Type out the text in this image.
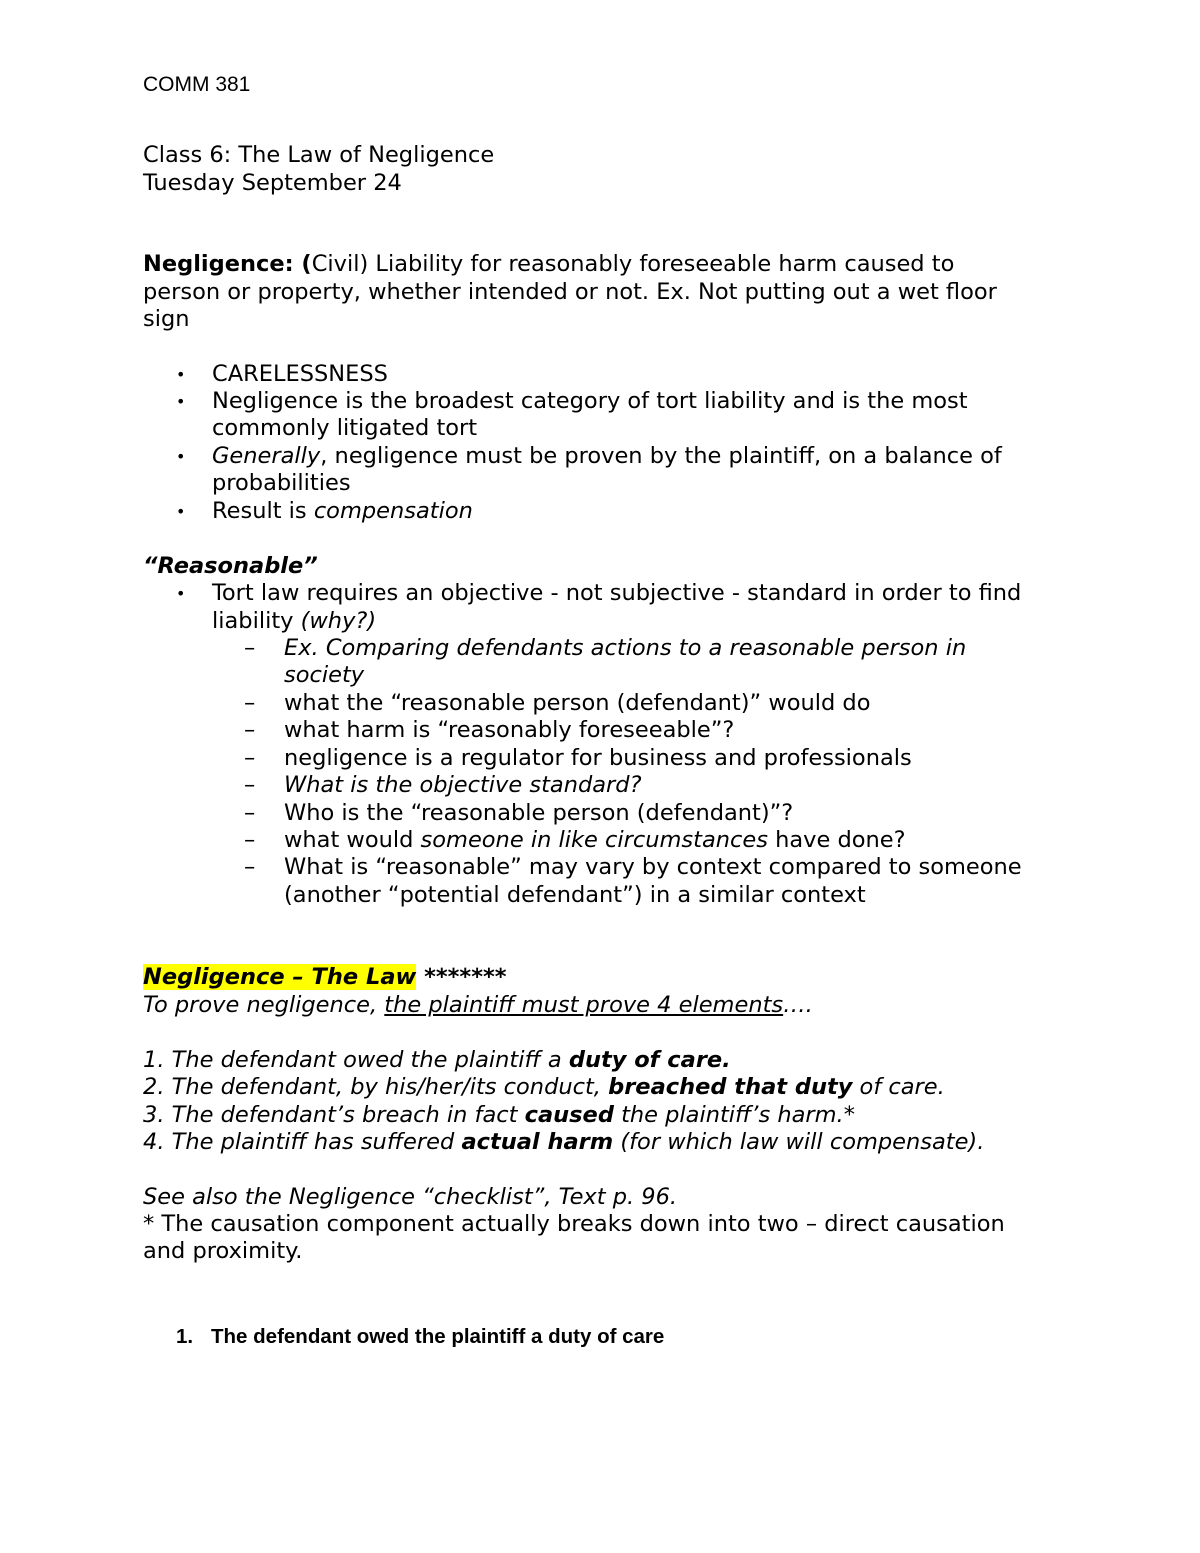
COMM 381
Class 6: The Law of Negligence
Tuesday September 24
Negligence: (Civil) Liability for reasonably foreseeable harm caused to
person or property, whether intended or not. Ex. Not putting out a wet floor
sign
• CARELESSNESS
• Negligence is the broadest category of tort liability and is the most
commonly litigated tort
• Generally, negligence must be proven by the plaintiff, on a balance of
probabilities
• Result is compensation
“Reasonable”
• Tort law requires an objective - not subjective - standard in order to find
liability (why?)
– Ex. Comparing defendants actions to a reasonable person in
society
– what the “reasonable person (defendant)” would do
– what harm is “reasonably foreseeable”?
– negligence is a regulator for business and professionals
– What is the objective standard?
– Who is the “reasonable person (defendant)”?
– what would someone in like circumstances have done?
– What is “reasonable” may vary by context compared to someone
(another “potential defendant”) in a similar context
Negligence – The Law *******
To prove negligence, the plaintiff must prove 4 elements….
1. The defendant owed the plaintiff a duty of care.
2. The defendant, by his/her/its conduct, breached that duty of care.
3. The defendant’s breach in fact caused the plaintiff’s harm.*
4. The plaintiff has suffered actual harm (for which law will compensate).
See also the Negligence “checklist”, Text p. 96.
* The causation component actually breaks down into two – direct causation
and proximity.
1. The defendant owed the plaintiff a duty of care
